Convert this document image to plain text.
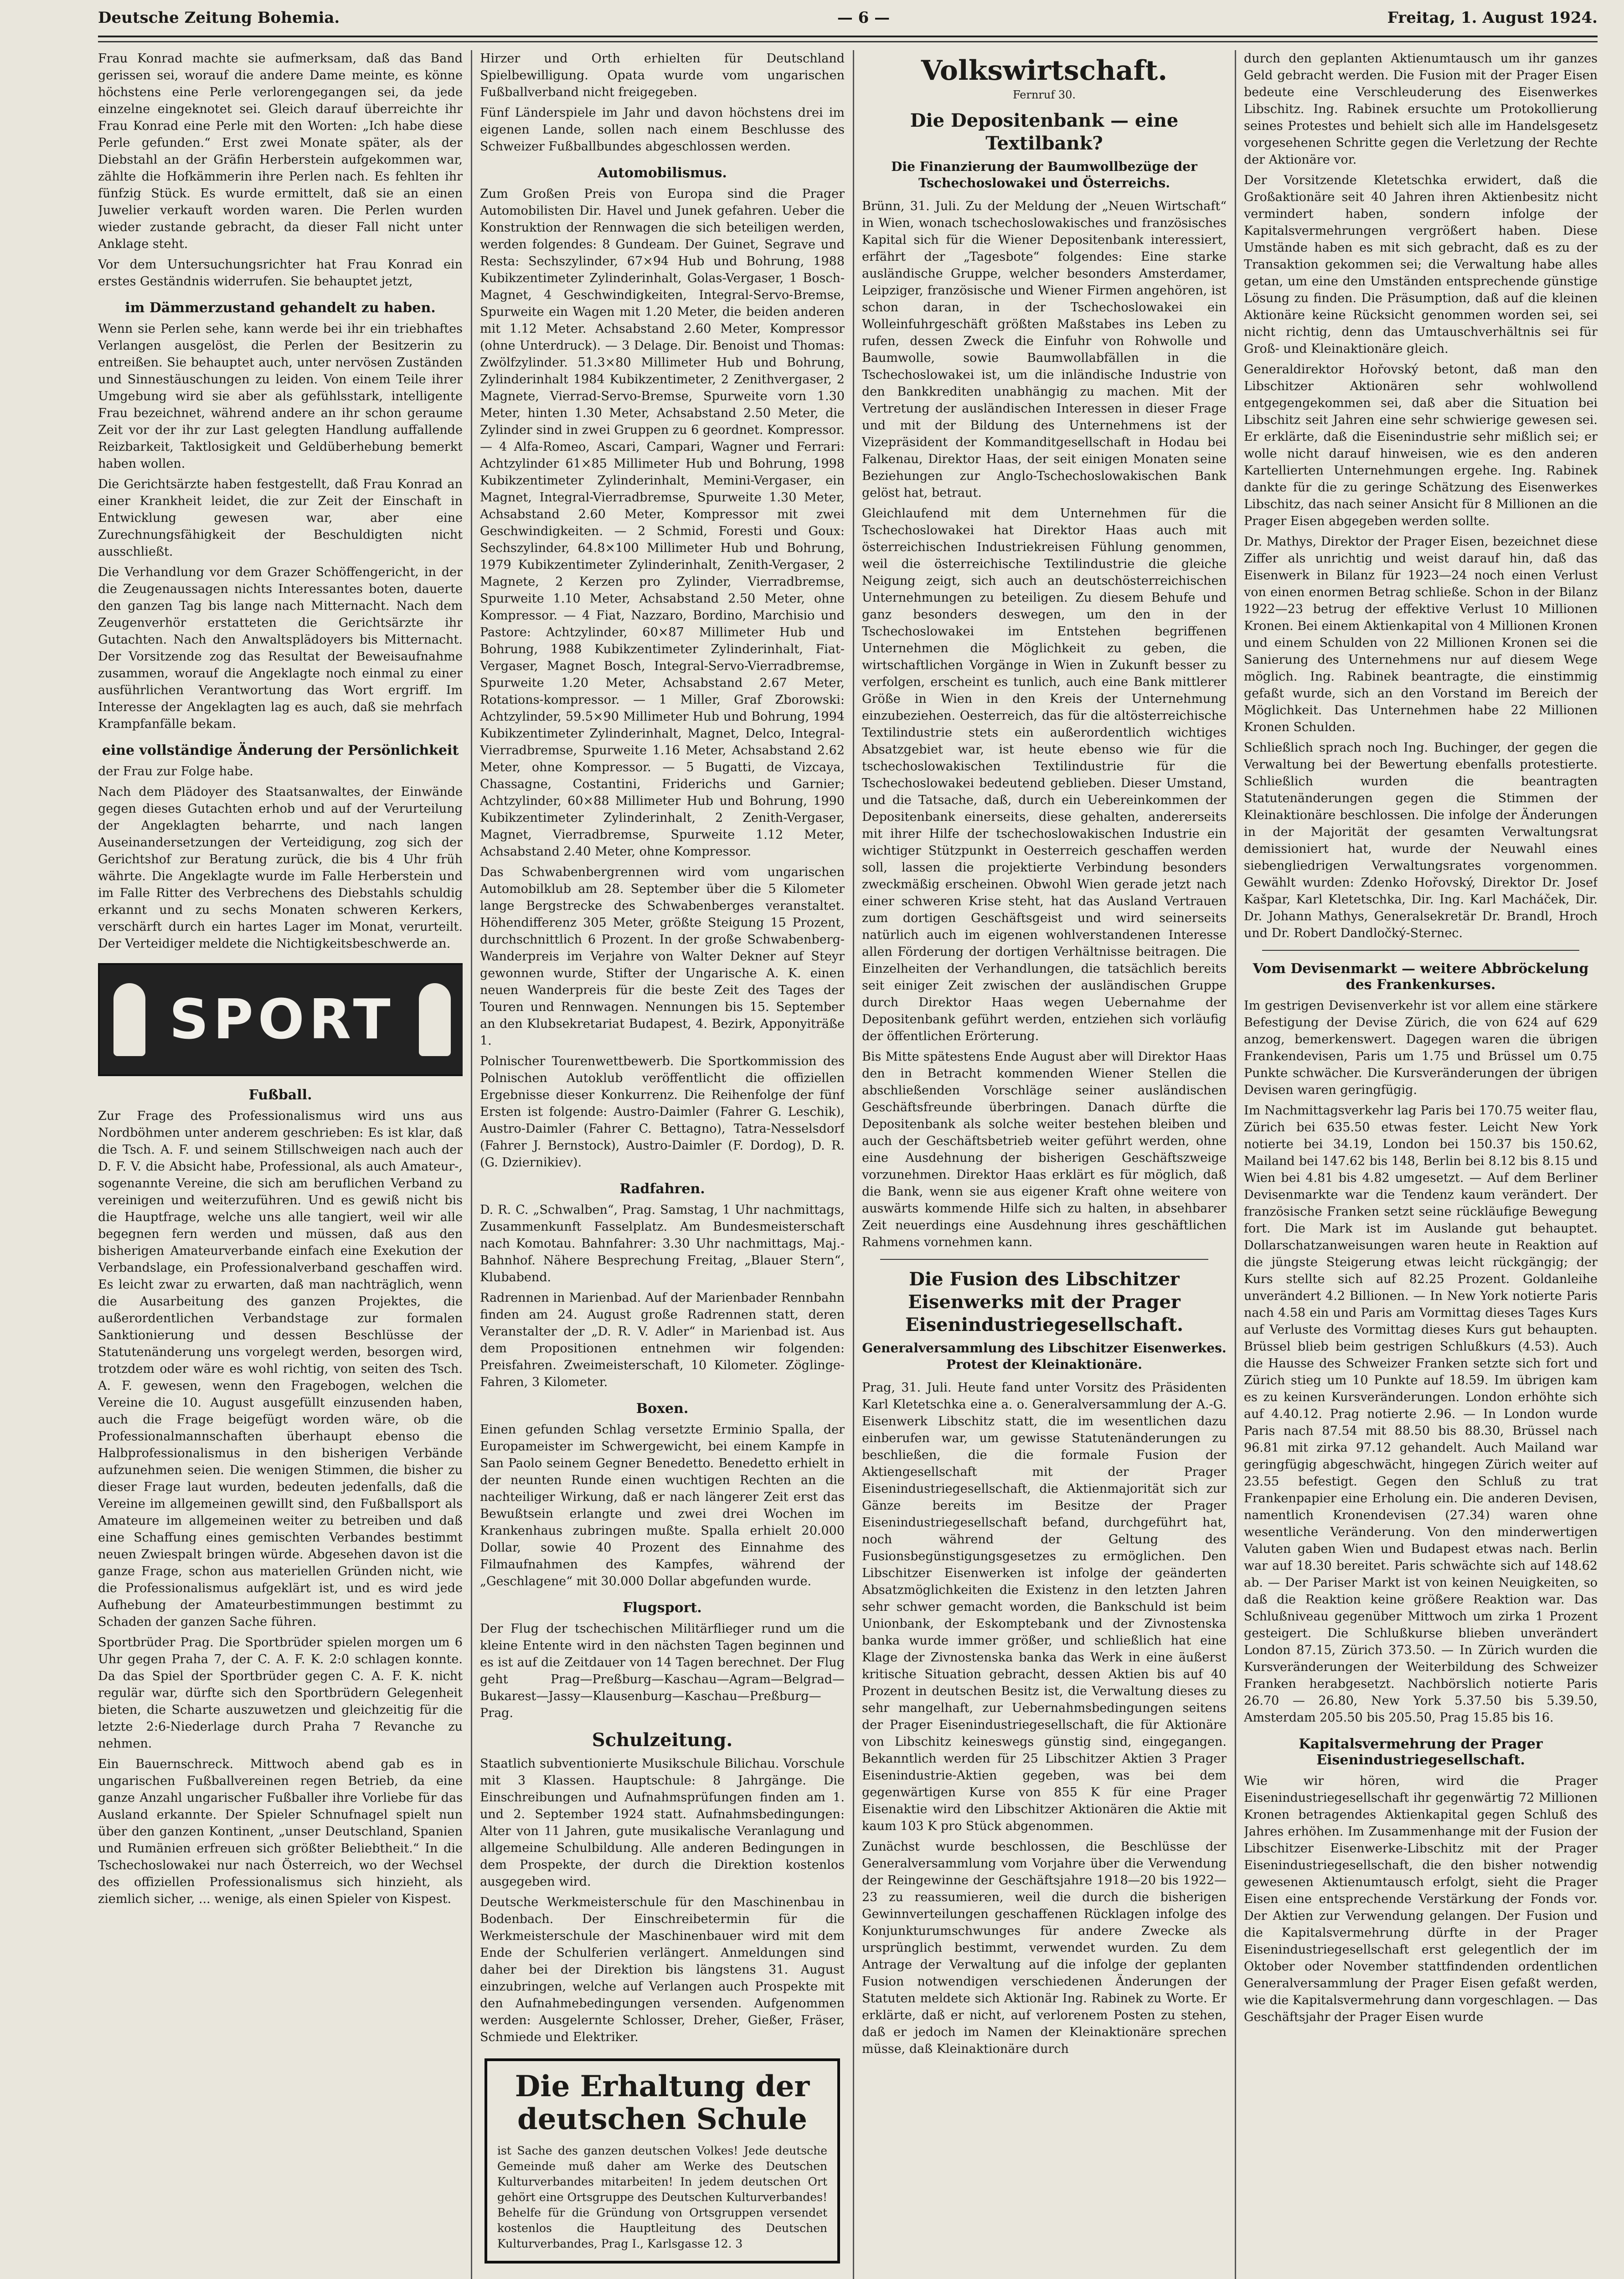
Deutsche Zeitung Bohemia.	— 6 —	Freitag, 1. August 1924.

Frau Konrad machte sie aufmerksam, daß das Band gerissen sei, worauf die andere Dame meinte, es könne höchstens eine Perle verlorengegangen sei, da jede einzelne eingeknotet sei. Gleich darauf überreichte ihr Frau Konrad eine Perle mit den Worten: „Ich habe diese Perle gefunden.“ Erst zwei Monate später, als der Diebstahl an der Gräfin Herberstein aufgekommen war, zählte die Hofkämmerin ihre Perlen nach. Es fehlten ihr fünfzig Stück. Es wurde ermittelt, daß sie an einen Juwelier verkauft worden waren. Die Perlen wurden wieder zustande gebracht, da dieser Fall nicht unter Anklage steht.

Vor dem Untersuchungsrichter hat Frau Konrad ein erstes Geständnis widerrufen. Sie behauptet jetzt,

im Dämmerzustand gehandelt zu haben.

Wenn sie Perlen sehe, kann werde bei ihr ein triebhaftes Verlangen ausgelöst, die Perlen der Besitzerin zu entreißen. Sie behauptet auch, unter nervösen Zuständen und Sinnestäuschungen zu leiden. Von einem Teile ihrer Umgebung wird sie aber als gefühlsstark, intelligente Frau bezeichnet, während andere an ihr schon geraume Zeit vor der ihr zur Last gelegten Handlung auffallende Reizbarkeit, Taktlosigkeit und Geldüberhebung bemerkt haben wollen.

Die Gerichtsärzte haben festgestellt, daß Frau Konrad an einer Krankheit leidet, die zur Zeit der Einschaft in Entwicklung gewesen war, aber eine Zurechnungsfähigkeit der Beschuldigten nicht ausschließt.

Die Verhandlung vor dem Grazer Schöffengericht, in der die Zeugenaussagen nichts Interessantes boten, dauerte den ganzen Tag bis lange nach Mitternacht. Nach dem Zeugenverhör erstatteten die Gerichtsärzte ihr Gutachten. Nach den Anwaltsplädoyers bis Mitternacht. Der Vorsitzende zog das Resultat der Beweisaufnahme zusammen, worauf die Angeklagte noch einmal zu einer ausführlichen Verantwortung das Wort ergriff. Im Interesse der Angeklagten lag es auch, daß sie mehrfach Krampfanfälle bekam.

eine vollständige Änderung der Persönlichkeit

der Frau zur Folge habe.

Nach dem Plädoyer des Staatsanwaltes, der Einwände gegen dieses Gutachten erhob und auf der Verurteilung der Angeklagten beharrte, und nach langen Auseinandersetzungen der Verteidigung, zog sich der Gerichtshof zur Beratung zurück, die bis 4 Uhr früh währte. Die Angeklagte wurde im Falle Herberstein und im Falle Ritter des Verbrechens des Diebstahls schuldig erkannt und zu sechs Monaten schweren Kerkers, verschärft durch ein hartes Lager im Monat, verurteilt. Der Verteidiger meldete die Nichtigkeitsbeschwerde an.

SPORT
Fußball.

Zur Frage des Professionalismus wird uns aus Nordböhmen unter anderem geschrieben: Es ist klar, daß die Tsch. A. F. und seinem Stillschweigen nach auch der D. F. V. die Absicht habe, Professional, als auch Amateur-, sogenannte Vereine, die sich am beruflichen Verband zu vereinigen und weiterzuführen. Und es gewiß nicht bis die Hauptfrage, welche uns alle tangiert, weil wir alle begegnen fern werden und müssen, daß aus den bisherigen Amateurverbande einfach eine Exekution der Verbandslage, ein Professionalverband geschaffen wird. Es leicht zwar zu erwarten, daß man nachträglich, wenn die Ausarbeitung des ganzen Projektes, die außerordentlichen Verbandstage zur formalen Sanktionierung und dessen Beschlüsse der Statutenänderung uns vorgelegt werden, besorgen wird, trotzdem oder wäre es wohl richtig, von seiten des Tsch. A. F. gewesen, wenn den Fragebogen, welchen die Vereine die 10. August ausgefüllt einzusenden haben, auch die Frage beigefügt worden wäre, ob die Professionalmannschaften überhaupt ebenso die Halbprofessionalismus in den bisherigen Verbände aufzunehmen seien. Die wenigen Stimmen, die bisher zu dieser Frage laut wurden, bedeuten jedenfalls, daß die Vereine im allgemeinen gewillt sind, den Fußballsport als Amateure im allgemeinen weiter zu betreiben und daß eine Schaffung eines gemischten Verbandes bestimmt neuen Zwiespalt bringen würde. Abgesehen davon ist die ganze Frage, schon aus materiellen Gründen nicht, wie die Professionalismus aufgeklärt ist, und es wird jede Aufhebung der Amateurbestimmungen bestimmt zu Schaden der ganzen Sache führen.

Sportbrüder Prag. Die Sportbrüder spielen morgen um 6 Uhr gegen Praha 7, der C. A. F. K. 2:0 schlagen konnte. Da das Spiel der Sportbrüder gegen C. A. F. K. nicht regulär war, dürfte sich den Sportbrüdern Gelegenheit bieten, die Scharte auszuwetzen und gleichzeitig für die letzte 2:6-Niederlage durch Praha 7 Revanche zu nehmen.

Ein Bauernschreck. Mittwoch abend gab es in ungarischen Fußballvereinen regen Betrieb, da eine ganze Anzahl ungarischer Fußballer ihre Vorliebe für das Ausland erkannte. Der Spieler Schnufnagel spielt nun über den ganzen Kontinent, „unser Deutschland, Spanien und Rumänien erfreuen sich größter Beliebtheit.“ In die Tschechoslowakei nur nach Österreich, wo der Wechsel des offiziellen Professionalismus sich hinzieht, als ziemlich sicher, ... wenige, als einen Spieler von Kispest.

Hirzer und Orth erhielten für Deutschland Spielbewilligung. Opata wurde vom ungarischen Fußballverband nicht freigegeben.

Fünf Länderspiele im Jahr und davon höchstens drei im eigenen Lande, sollen nach einem Beschlusse des Schweizer Fußballbundes abgeschlossen werden.

Automobilismus.

Zum Großen Preis von Europa sind die Prager Automobilisten Dir. Havel und Junek gefahren. Ueber die Konstruktion der Rennwagen die sich beteiligen werden, werden folgendes: 8 Gundeam. Der Guinet, Segrave und Resta: Sechszylinder, 67×94 Hub und Bohrung, 1988 Kubikzentimeter Zylinderinhalt, Golas-Vergaser, 1 Bosch-Magnet, 4 Geschwindigkeiten, Integral-Servo-Bremse, Spurweite ein Wagen mit 1.20 Meter, die beiden anderen mit 1.12 Meter. Achsabstand 2.60 Meter, Kompressor (ohne Unterdruck). — 3 Delage. Dir. Benoist und Thomas: Zwölfzylinder. 51.3×80 Millimeter Hub und Bohrung, Zylinderinhalt 1984 Kubikzentimeter, 2 Zenithvergaser, 2 Magnete, Vierrad-Servo-Bremse, Spurweite vorn 1.30 Meter, hinten 1.30 Meter, Achsabstand 2.50 Meter, die Zylinder sind in zwei Gruppen zu 6 geordnet. Kompressor. — 4 Alfa-Romeo, Ascari, Campari, Wagner und Ferrari: Achtzylinder 61×85 Millimeter Hub und Bohrung, 1998 Kubikzentimeter Zylinderinhalt, Memini-Vergaser, ein Magnet, Integral-Vierradbremse, Spurweite 1.30 Meter, Achsabstand 2.60 Meter, Kompressor mit zwei Geschwindigkeiten. — 2 Schmid, Foresti und Goux: Sechszylinder, 64.8×100 Millimeter Hub und Bohrung, 1979 Kubikzentimeter Zylinderinhalt, Zenith-Vergaser, 2 Magnete, 2 Kerzen pro Zylinder, Vierradbremse, Spurweite 1.10 Meter, Achsabstand 2.50 Meter, ohne Kompressor. — 4 Fiat, Nazzaro, Bordino, Marchisio und Pastore: Achtzylinder, 60×87 Millimeter Hub und Bohrung, 1988 Kubikzentimeter Zylinderinhalt, Fiat-Vergaser, Magnet Bosch, Integral-Servo-Vierradbremse, Spurweite 1.20 Meter, Achsabstand 2.67 Meter, Rotations-kompressor. — 1 Miller, Graf Zborowski: Achtzylinder, 59.5×90 Millimeter Hub und Bohrung, 1994 Kubikzentimeter Zylinderinhalt, Magnet, Delco, Integral-Vierradbremse, Spurweite 1.16 Meter, Achsabstand 2.62 Meter, ohne Kompressor. — 5 Bugatti, de Vizcaya, Chassagne, Costantini, Friderichs und Garnier; Achtzylinder, 60×88 Millimeter Hub und Bohrung, 1990 Kubikzentimeter Zylinderinhalt, 2 Zenith-Vergaser, Magnet, Vierradbremse, Spurweite 1.12 Meter, Achsabstand 2.40 Meter, ohne Kompressor.

Das Schwabenbergrennen wird vom ungarischen Automobilklub am 28. September über die 5 Kilometer lange Bergstrecke des Schwabenberges veranstaltet. Höhendifferenz 305 Meter, größte Steigung 15 Prozent, durchschnittlich 6 Prozent. In der große Schwabenberg-Wanderpreis im Verjahre von Walter Dekner auf Steyr gewonnen wurde, Stifter der Ungarische A. K. einen neuen Wanderpreis für die beste Zeit des Tages der Touren und Rennwagen. Nennungen bis 15. September an den Klubsekretariat Budapest, 4. Bezirk, Apponyiträße 1.

Polnischer Tourenwettbewerb. Die Sportkommission des Polnischen Autoklub veröffentlicht die offiziellen Ergebnisse dieser Konkurrenz. Die Reihenfolge der fünf Ersten ist folgende: Austro-Daimler (Fahrer G. Leschik), Austro-Daimler (Fahrer C. Bettagno), Tatra-Nesselsdorf (Fahrer J. Bernstock), Austro-Daimler (F. Dordog), D. R. (G. Dziernikiev).

Radfahren.

D. R. C. „Schwalben“, Prag. Samstag, 1 Uhr nachmittags, Zusammenkunft Fasselplatz. Am Bundesmeisterschaft nach Komotau. Bahnfahrer: 3.30 Uhr nachmittags, Maj.-Bahnhof. Nähere Besprechung Freitag, „Blauer Stern“, Klubabend.

Radrennen in Marienbad. Auf der Marienbader Rennbahn finden am 24. August große Radrennen statt, deren Veranstalter der „D. R. V. Adler“ in Marienbad ist. Aus dem Propositionen entnehmen wir folgenden: Preisfahren. Zweimeisterschaft, 10 Kilometer. Zöglinge-Fahren, 3 Kilometer.

Boxen.

Einen gefunden Schlag versetzte Erminio Spalla, der Europameister im Schwergewicht, bei einem Kampfe in San Paolo seinem Gegner Benedetto. Benedetto erhielt in der neunten Runde einen wuchtigen Rechten an die nachteiliger Wirkung, daß er nach längerer Zeit erst das Bewußtsein erlangte und zwei drei Wochen im Krankenhaus zubringen mußte. Spalla erhielt 20.000 Dollar, sowie 40 Prozent des Einnahme des Filmaufnahmen des Kampfes, während der „Geschlagene“ mit 30.000 Dollar abgefunden wurde.

Flugsport.

Der Flug der tschechischen Militärflieger rund um die kleine Entente wird in den nächsten Tagen beginnen und es ist auf die Zeitdauer von 14 Tagen berechnet. Der Flug geht Prag—Preßburg—Kaschau—Agram—Belgrad—Bukarest—Jassy—Klausenburg—Kaschau—Preßburg—Prag.

Schulzeitung.

Staatlich subventionierte Musikschule Bilichau. Vorschule mit 3 Klassen. Hauptschule: 8 Jahrgänge. Die Einschreibungen und Aufnahmsprüfungen finden am 1. und 2. September 1924 statt. Aufnahmsbedingungen: Alter von 11 Jahren, gute musikalische Veranlagung und allgemeine Schulbildung. Alle anderen Bedingungen in dem Prospekte, der durch die Direktion kostenlos ausgegeben wird.

Deutsche Werkmeisterschule für den Maschinenbau in Bodenbach. Der Einschreibetermin für die Werkmeisterschule der Maschinenbauer wird mit dem Ende der Schulferien verlängert. Anmeldungen sind daher bei der Direktion bis längstens 31. August einzubringen, welche auf Verlangen auch Prospekte mit den Aufnahmebedingungen versenden. Aufgenommen werden: Ausgelernte Schlosser, Dreher, Gießer, Fräser, Schmiede und Elektriker.

Die Erhaltung der deutschen Schule
ist Sache des ganzen deutschen Volkes! Jede deutsche Gemeinde muß daher am Werke des Deutschen Kulturverbandes mitarbeiten! In jedem deutschen Ort gehört eine Ortsgruppe des Deutschen Kulturverbandes! Behelfe für die Gründung von Ortsgruppen versendet kostenlos die Hauptleitung des Deutschen Kulturverbandes, Prag I., Karlsgasse 12. 3
Volkswirtschaft.
Fernruf 30.
Die Depositenbank — eine Textilbank?
Die Finanzierung der Baumwollbezüge der Tschechoslowakei und Österreichs.

Brünn, 31. Juli. Zu der Meldung der „Neuen Wirtschaft“ in Wien, wonach tschechoslowakisches und französisches Kapital sich für die Wiener Depositenbank interessiert, erfährt der „Tagesbote“ folgendes: Eine starke ausländische Gruppe, welcher besonders Amsterdamer, Leipziger, französische und Wiener Firmen angehören, ist schon daran, in der Tschechoslowakei ein Wolleinfuhrgeschäft größten Maßstabes ins Leben zu rufen, dessen Zweck die Einfuhr von Rohwolle und Baumwolle, sowie Baumwollabfällen in die Tschechoslowakei ist, um die inländische Industrie von den Bankkrediten unabhängig zu machen. Mit der Vertretung der ausländischen Interessen in dieser Frage und mit der Bildung des Unternehmens ist der Vizepräsident der Kommanditgesellschaft in Hodau bei Falkenau, Direktor Haas, der seit einigen Monaten seine Beziehungen zur Anglo-Tschechoslowakischen Bank gelöst hat, betraut.

Gleichlaufend mit dem Unternehmen für die Tschechoslowakei hat Direktor Haas auch mit österreichischen Industriekreisen Fühlung genommen, weil die österreichische Textilindustrie die gleiche Neigung zeigt, sich auch an deutschösterreichischen Unternehmungen zu beteiligen. Zu diesem Behufe und ganz besonders deswegen, um den in der Tschechoslowakei im Entstehen begriffenen Unternehmen die Möglichkeit zu geben, die wirtschaftlichen Vorgänge in Wien in Zukunft besser zu verfolgen, erscheint es tunlich, auch eine Bank mittlerer Größe in Wien in den Kreis der Unternehmung einzubeziehen. Oesterreich, das für die altösterreichische Textilindustrie stets ein außerordentlich wichtiges Absatzgebiet war, ist heute ebenso wie für die tschechoslowakischen Textilindustrie für die Tschechoslowakei bedeutend geblieben. Dieser Umstand, und die Tatsache, daß, durch ein Uebereinkommen der Depositenbank einerseits, diese gehalten, andererseits mit ihrer Hilfe der tschechoslowakischen Industrie ein wichtiger Stützpunkt in Oesterreich geschaffen werden soll, lassen die projektierte Verbindung besonders zweckmäßig erscheinen. Obwohl Wien gerade jetzt nach einer schweren Krise steht, hat das Ausland Vertrauen zum dortigen Geschäftsgeist und wird seinerseits natürlich auch im eigenen wohlverstandenen Interesse allen Förderung der dortigen Verhältnisse beitragen. Die Einzelheiten der Verhandlungen, die tatsächlich bereits seit einiger Zeit zwischen der ausländischen Gruppe durch Direktor Haas wegen Uebernahme der Depositenbank geführt werden, entziehen sich vorläufig der öffentlichen Erörterung.

Bis Mitte spätestens Ende August aber will Direktor Haas den in Betracht kommenden Wiener Stellen die abschließenden Vorschläge seiner ausländischen Geschäftsfreunde überbringen. Danach dürfte die Depositenbank als solche weiter bestehen bleiben und auch der Geschäftsbetrieb weiter geführt werden, ohne eine Ausdehnung der bisherigen Geschäftszweige vorzunehmen. Direktor Haas erklärt es für möglich, daß die Bank, wenn sie aus eigener Kraft ohne weitere von auswärts kommende Hilfe sich zu halten, in absehbarer Zeit neuerdings eine Ausdehnung ihres geschäftlichen Rahmens vornehmen kann.

Die Fusion des Libschitzer Eisenwerks mit der Prager Eisenindustriegesellschaft.
Generalversammlung des Libschitzer Eisenwerkes. Protest der Kleinaktionäre.

Prag, 31. Juli. Heute fand unter Vorsitz des Präsidenten Karl Kletetschka eine a. o. Generalversammlung der A.-G. Eisenwerk Libschitz statt, die im wesentlichen dazu einberufen war, um gewisse Statutenänderungen zu beschließen, die die formale Fusion der Aktiengesellschaft mit der Prager Eisenindustriegesellschaft, die Aktienmajorität sich zur Gänze bereits im Besitze der Prager Eisenindustriegesellschaft befand, durchgeführt hat, noch während der Geltung des Fusionsbegünstigungsgesetzes zu ermöglichen. Den Libschitzer Eisenwerken ist infolge der geänderten Absatzmöglichkeiten die Existenz in den letzten Jahren sehr schwer gemacht worden, die Bankschuld ist beim Unionbank, der Eskomptebank und der Zivnostenska banka wurde immer größer, und schließlich hat eine Klage der Zivnostenska banka das Werk in eine äußerst kritische Situation gebracht, dessen Aktien bis auf 40 Prozent in deutschen Besitz ist, die Verwaltung dieses zu sehr mangelhaft, zur Uebernahmsbedingungen seitens der Prager Eisenindustriegesellschaft, die für Aktionäre von Libschitz keineswegs günstig sind, eingegangen. Bekanntlich werden für 25 Libschitzer Aktien 3 Prager Eisenindustrie-Aktien gegeben, was bei dem gegenwärtigen Kurse von 855 K für eine Prager Eisenaktie wird den Libschitzer Aktionären die Aktie mit kaum 103 K pro Stück abgenommen.

Zunächst wurde beschlossen, die Beschlüsse der Generalversammlung vom Vorjahre über die Verwendung der Reingewinne der Geschäftsjahre 1918—20 bis 1922—23 zu reassumieren, weil die durch die bisherigen Gewinnverteilungen geschaffenen Rücklagen infolge des Konjunkturumschwunges für andere Zwecke als ursprünglich bestimmt, verwendet wurden. Zu dem Antrage der Verwaltung auf die infolge der geplanten Fusion notwendigen verschiedenen Änderungen der Statuten meldete sich Aktionär Ing. Rabinek zu Worte. Er erklärte, daß er nicht, auf verlorenem Posten zu stehen, daß er jedoch im Namen der Kleinaktionäre sprechen müsse, daß Kleinaktionäre durch

durch den geplanten Aktienumtausch um ihr ganzes Geld gebracht werden. Die Fusion mit der Prager Eisen bedeute eine Verschleuderung des Eisenwerkes Libschitz. Ing. Rabinek ersuchte um Protokollierung seines Protestes und behielt sich alle im Handelsgesetz vorgesehenen Schritte gegen die Verletzung der Rechte der Aktionäre vor.

Der Vorsitzende Kletetschka erwidert, daß die Großaktionäre seit 40 Jahren ihren Aktienbesitz nicht vermindert haben, sondern infolge der Kapitalsvermehrungen vergrößert haben. Diese Umstände haben es mit sich gebracht, daß es zu der Transaktion gekommen sei; die Verwaltung habe alles getan, um eine den Umständen entsprechende günstige Lösung zu finden. Die Präsumption, daß auf die kleinen Aktionäre keine Rücksicht genommen worden sei, sei nicht richtig, denn das Umtauschverhältnis sei für Groß- und Kleinaktionäre gleich.

Generaldirektor Hořovský betont, daß man den Libschitzer Aktionären sehr wohlwollend entgegengekommen sei, daß aber die Situation bei Libschitz seit Jahren eine sehr schwierige gewesen sei. Er erklärte, daß die Eisenindustrie sehr mißlich sei; er wolle nicht darauf hinweisen, wie es den anderen Kartellierten Unternehmungen ergehe. Ing. Rabinek dankte für die zu geringe Schätzung des Eisenwerkes Libschitz, das nach seiner Ansicht für 8 Millionen an die Prager Eisen abgegeben werden sollte.

Dr. Mathys, Direktor der Prager Eisen, bezeichnet diese Ziffer als unrichtig und weist darauf hin, daß das Eisenwerk in Bilanz für 1923—24 noch einen Verlust von einen enormen Betrag schließe. Schon in der Bilanz 1922—23 betrug der effektive Verlust 10 Millionen Kronen. Bei einem Aktienkapital von 4 Millionen Kronen und einem Schulden von 22 Millionen Kronen sei die Sanierung des Unternehmens nur auf diesem Wege möglich. Ing. Rabinek beantragte, die einstimmig gefaßt wurde, sich an den Vorstand im Bereich der Möglichkeit. Das Unternehmen habe 22 Millionen Kronen Schulden.

Schließlich sprach noch Ing. Buchinger, der gegen die Verwaltung bei der Bewertung ebenfalls protestierte. Schließlich wurden die beantragten Statutenänderungen gegen die Stimmen der Kleinaktionäre beschlossen. Die infolge der Änderungen in der Majorität der gesamten Verwaltungsrat demissioniert hat, wurde der Neuwahl eines siebengliedrigen Verwaltungsrates vorgenommen. Gewählt wurden: Zdenko Hořovský, Direktor Dr. Josef Kašpar, Karl Kletetschka, Dir. Ing. Karl Macháček, Dir. Dr. Johann Mathys, Generalsekretär Dr. Brandl, Hroch und Dr. Robert Dandločký-Sternec.

Vom Devisenmarkt — weitere Abbröckelung des Frankenkurses.

Im gestrigen Devisenverkehr ist vor allem eine stärkere Befestigung der Devise Zürich, die von 624 auf 629 anzog, bemerkenswert. Dagegen waren die übrigen Frankendevisen, Paris um 1.75 und Brüssel um 0.75 Punkte schwächer. Die Kursveränderungen der übrigen Devisen waren geringfügig.

Im Nachmittagsverkehr lag Paris bei 170.75 weiter flau, Zürich bei 635.50 etwas fester. Leicht New York notierte bei 34.19, London bei 150.37 bis 150.62, Mailand bei 147.62 bis 148, Berlin bei 8.12 bis 8.15 und Wien bei 4.81 bis 4.82 umgesetzt. — Auf dem Berliner Devisenmarkte war die Tendenz kaum verändert. Der französische Franken setzt seine rückläufige Bewegung fort. Die Mark ist im Auslande gut behauptet. Dollarschatzanweisungen waren heute in Reaktion auf die jüngste Steigerung etwas leicht rückgängig; der Kurs stellte sich auf 82.25 Prozent. Goldanleihe unverändert 4.2 Billionen. — In New York notierte Paris nach 4.58 ein und Paris am Vormittag dieses Tages Kurs auf Verluste des Vormittag dieses Kurs gut behaupten. Brüssel blieb beim gestrigen Schlußkurs (4.53). Auch die Hausse des Schweizer Franken setzte sich fort und Zürich stieg um 10 Punkte auf 18.59. Im übrigen kam es zu keinen Kursveränderungen. London erhöhte sich auf 4.40.12. Prag notierte 2.96. — In London wurde Paris nach 87.54 mit 88.50 bis 88.30, Brüssel nach 96.81 mit zirka 97.12 gehandelt. Auch Mailand war geringfügig abgeschwächt, hingegen Zürich weiter auf 23.55 befestigt. Gegen den Schluß zu trat Frankenpapier eine Erholung ein. Die anderen Devisen, namentlich Kronendevisen (27.34) waren ohne wesentliche Veränderung. Von den minderwertigen Valuten gaben Wien und Budapest etwas nach. Berlin war auf 18.30 bereitet. Paris schwächte sich auf 148.62 ab. — Der Pariser Markt ist von keinen Neuigkeiten, so daß die Reaktion keine größere Reaktion war. Das Schlußniveau gegenüber Mittwoch um zirka 1 Prozent gesteigert. Die Schlußkurse blieben unverändert London 87.15, Zürich 373.50. — In Zürich wurden die Kursveränderungen der Weiterbildung des Schweizer Franken herabgesetzt. Nachbörslich notierte Paris 26.70 — 26.80, New York 5.37.50 bis 5.39.50, Amsterdam 205.50 bis 205.50, Prag 15.85 bis 16.

Kapitalsvermehrung der Prager Eisenindustriegesellschaft.

Wie wir hören, wird die Prager Eisenindustriegesellschaft ihr gegenwärtig 72 Millionen Kronen betragendes Aktienkapital gegen Schluß des Jahres erhöhen. Im Zusammenhange mit der Fusion der Libschitzer Eisenwerke-Libschitz mit der Prager Eisenindustriegesellschaft, die den bisher notwendig gewesenen Aktienumtausch erfolgt, sieht die Prager Eisen eine entsprechende Verstärkung der Fonds vor. Der Aktien zur Verwendung gelangen. Der Fusion und die Kapitalsvermehrung dürfte in der Prager Eisenindustriegesellschaft erst gelegentlich der im Oktober oder November stattfindenden ordentlichen Generalversammlung der Prager Eisen gefaßt werden, wie die Kapitalsvermehrung dann vorgeschlagen. — Das Geschäftsjahr der Prager Eisen wurde
